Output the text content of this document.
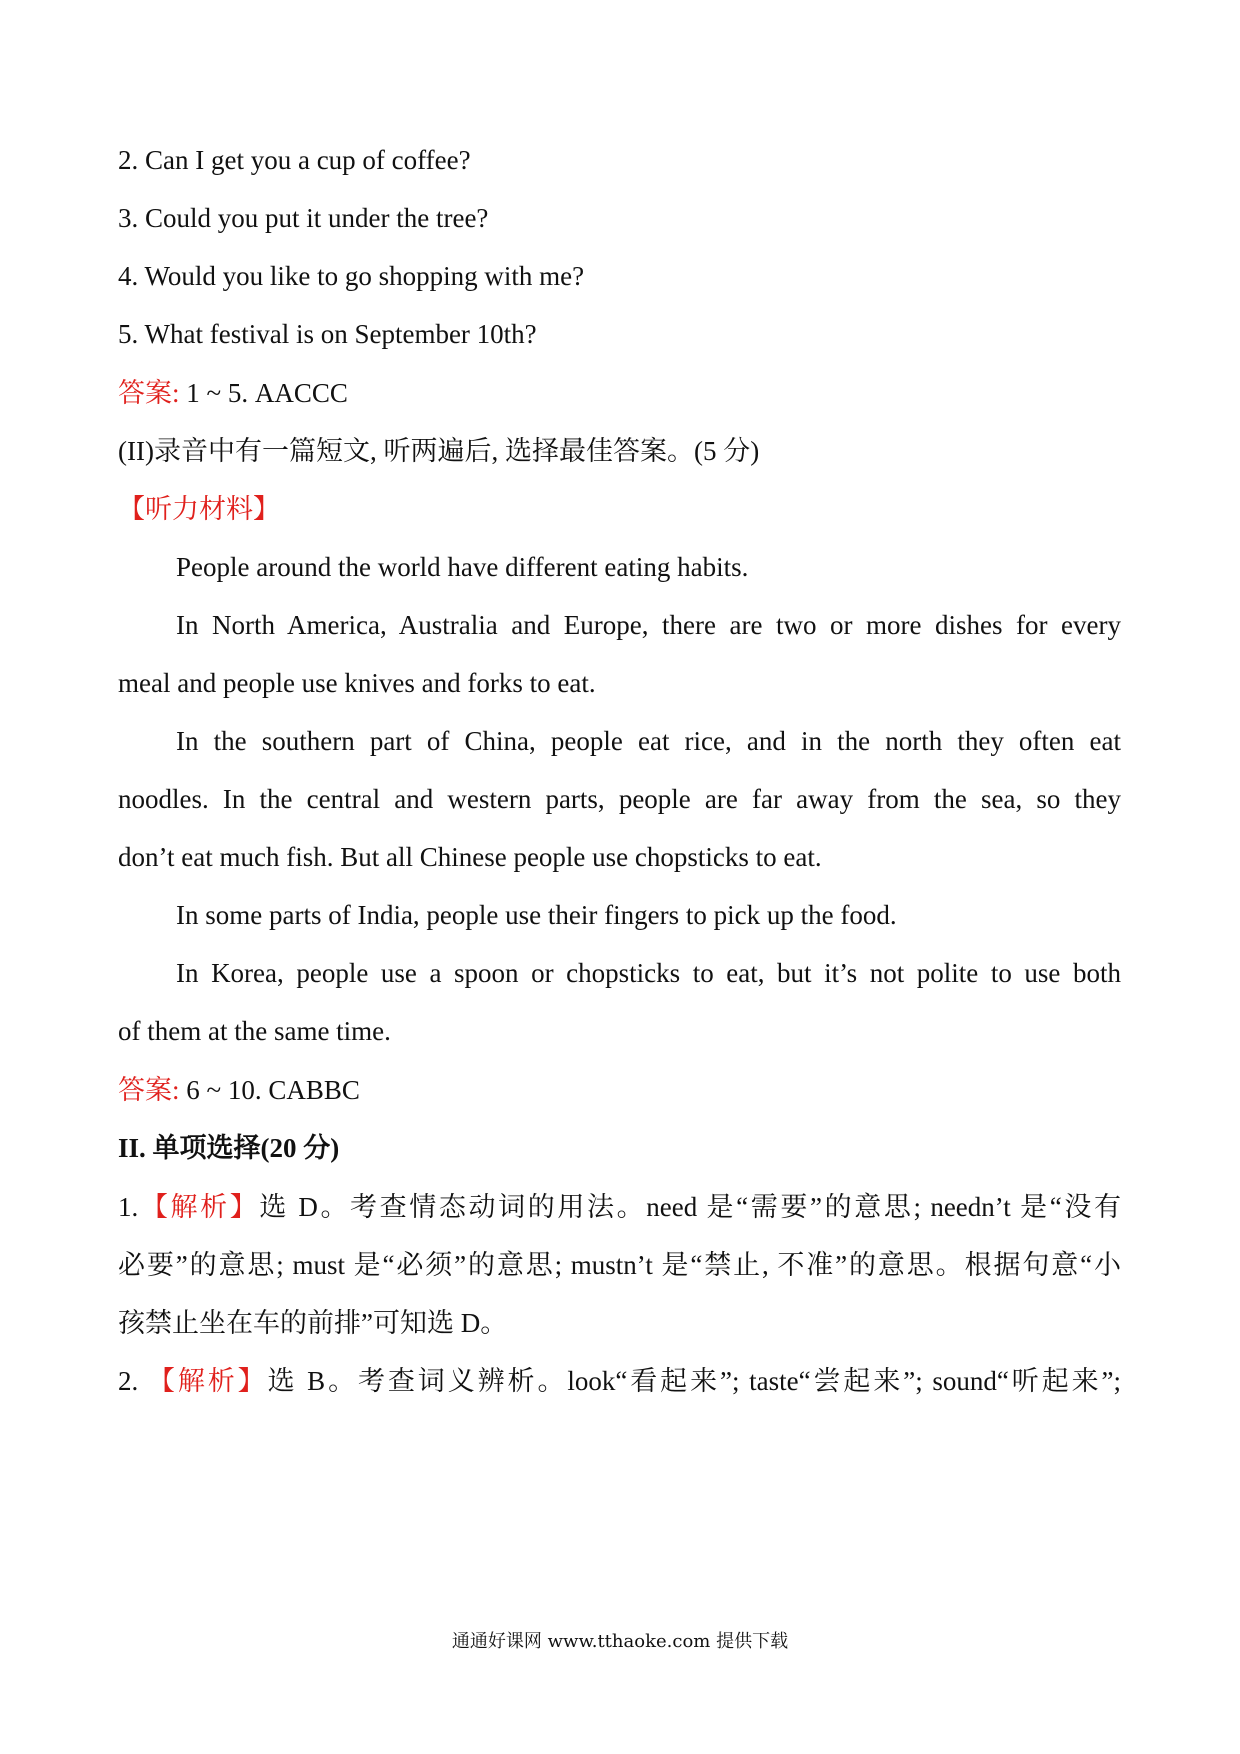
2. Can I get you a cup of coffee?
3. Could you put it under the tree?
4. Would you like to go shopping with me?
5. What festival is on September 10th?
答案: 1 ~ 5. AACCC
(II)录音中有一篇短文, 听两遍后, 选择最佳答案。(5 分)
【听力材料】
People around the world have different eating habits.
In North America, Australia and Europe, there are two or more dishes for every
meal and people use knives and forks to eat.
In the southern part of China, people eat rice, and in the north they often eat
noodles. In the central and western parts, people are far away from the sea, so they
don’t eat much fish. But all Chinese people use chopsticks to eat.
In some parts of India, people use their fingers to pick up the food.
In Korea, people use a spoon or chopsticks to eat, but it’s not polite to use both
of them at the same time.
答案: 6 ~ 10. CABBC
II. 单项选择(20 分)
1.【解析】选 D。考查情态动词的用法。need 是“需要”的意思; needn’t 是“没有
必要”的意思; must 是“必须”的意思; mustn’t 是“禁止, 不准”的意思。根据句意“小
孩禁止坐在车的前排”可知选 D。
2. 【解析】选 B。考查词义辨析。look“看起来”; taste“尝起来”; sound“听起来”;
通通好课网 www.tthaoke.com 提供下载
